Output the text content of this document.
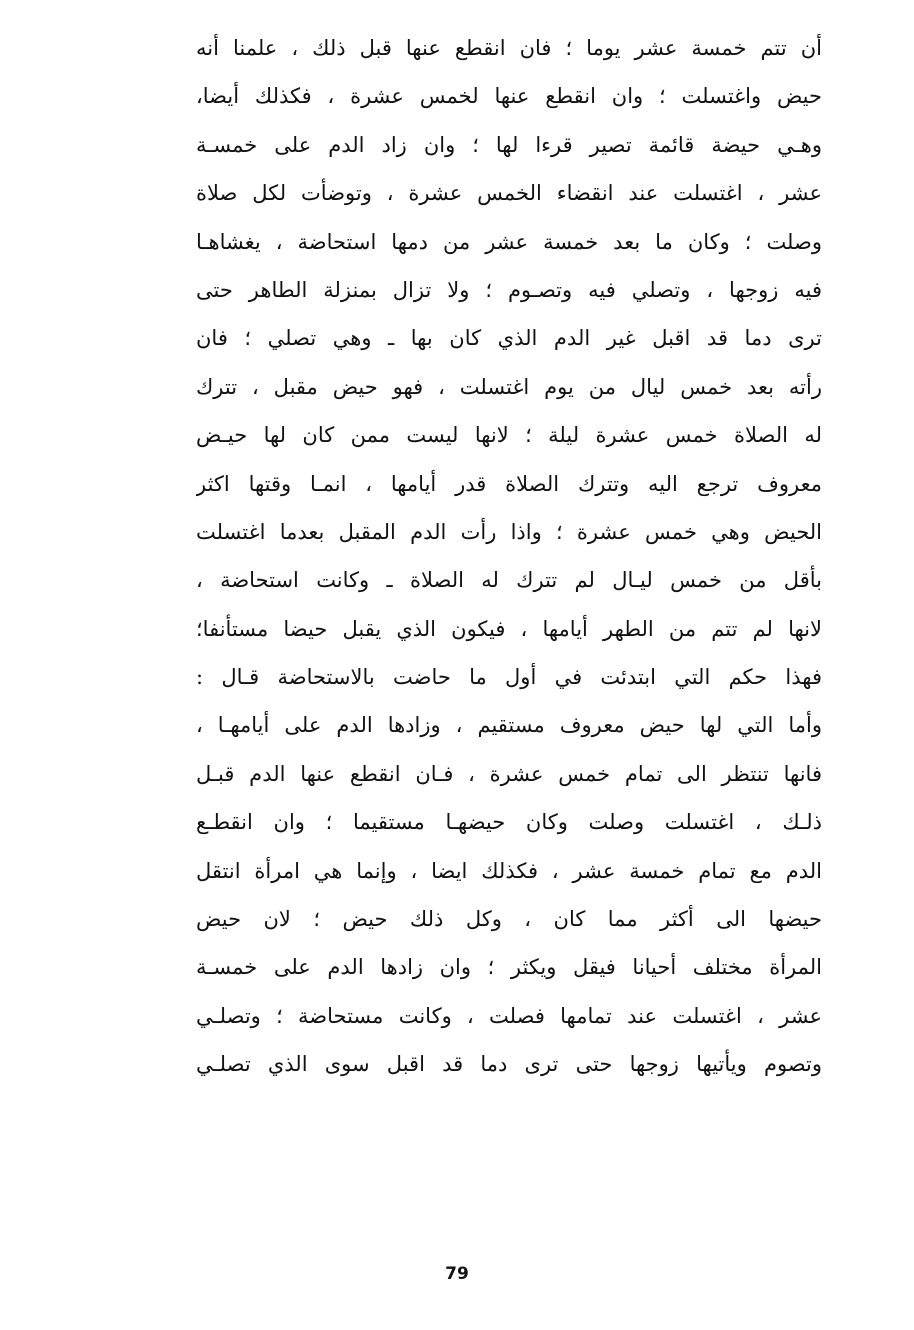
أن تتم خمسة عشر يوما ؛ فان انقطع عنها قبل ذلك ، علمنا أنه
حيض واغتسلت ؛ وان انقطع عنها لخمس عشرة ، فكذلك أيضا،
وهـي حيضة قائمة تصير قرءا لها ؛ وان زاد الدم على خمسـة
عشر ، اغتسلت عند انقضاء الخمس عشرة ، وتوضأت لكل صلاة
وصلت ؛ وكان ما بعد خمسة عشر من دمها استحاضة ، يغشاهـا
فيه زوجها ، وتصلي فيه وتصـوم ؛ ولا تزال بمنزلة الطاهر حتى
ترى دما قد اقبل غير الدم الذي كان بها ـ وهي تصلي ؛ فان
رأته بعد خمس ليال من يوم اغتسلت ، فهو حيض مقبل ، تترك
له الصلاة خمس عشرة ليلة ؛ لانها ليست ممن كان لها حيـض
معروف ترجع اليه وتترك الصلاة قدر أيامها ، انمـا وقتها اكثر
الحيض وهي خمس عشرة ؛ واذا رأت الدم المقبل بعدما اغتسلت
بأقل من خمس ليـال لم تترك له الصلاة ـ وكانت استحاضة ،
لانها لم تتم من الطهر أيامها ، فيكون الذي يقبل حيضا مستأنفا؛
فهذا حكم التي ابتدئت في أول ما حاضت بالاستحاضة قـال :
وأما التي لها حيض معروف مستقيم ، وزادها الدم على أيامهـا ،
فانها تنتظر الى تمام خمس عشرة ، فـان انقطع عنها الدم قبـل
ذلـك ، اغتسلت وصلت وكان حيضهـا مستقيما ؛ وان انقطـع
الدم مع تمام خمسة عشر ، فكذلك ايضا ، وإنما هي امرأة انتقل
حيضها الى أكثر مما كان ، وكل ذلك حيض ؛ لان حيض
المرأة مختلف أحيانا فيقل ويكثر ؛ وان زادها الدم على خمسـة
عشر ، اغتسلت عند تمامها فصلت ، وكانت مستحاضة ؛ وتصلـي
وتصوم ويأتيها زوجها حتى ترى دما قد اقبل سوى الذي تصلـي
79
